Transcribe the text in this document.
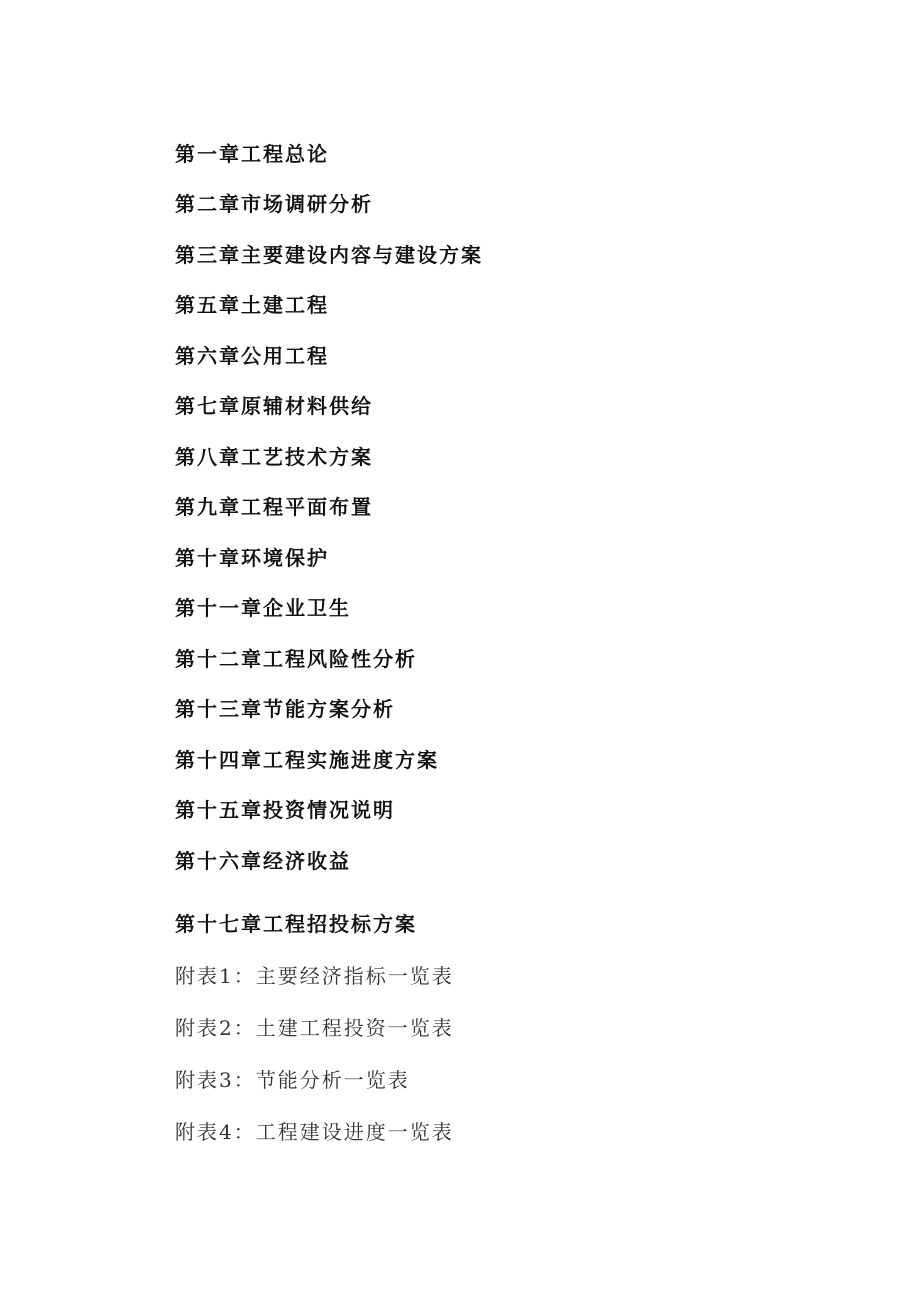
第一章工程总论
第二章市场调研分析
第三章主要建设内容与建设方案
第五章土建工程
第六章公用工程
第七章原辅材料供给
第八章工艺技术方案
第九章工程平面布置
第十章环境保护
第十一章企业卫生
第十二章工程风险性分析
第十三章节能方案分析
第十四章工程实施进度方案
第十五章投资情况说明
第十六章经济收益
第十七章工程招投标方案
附表1：主要经济指标一览表
附表2：土建工程投资一览表
附表3：节能分析一览表
附表4：工程建设进度一览表
